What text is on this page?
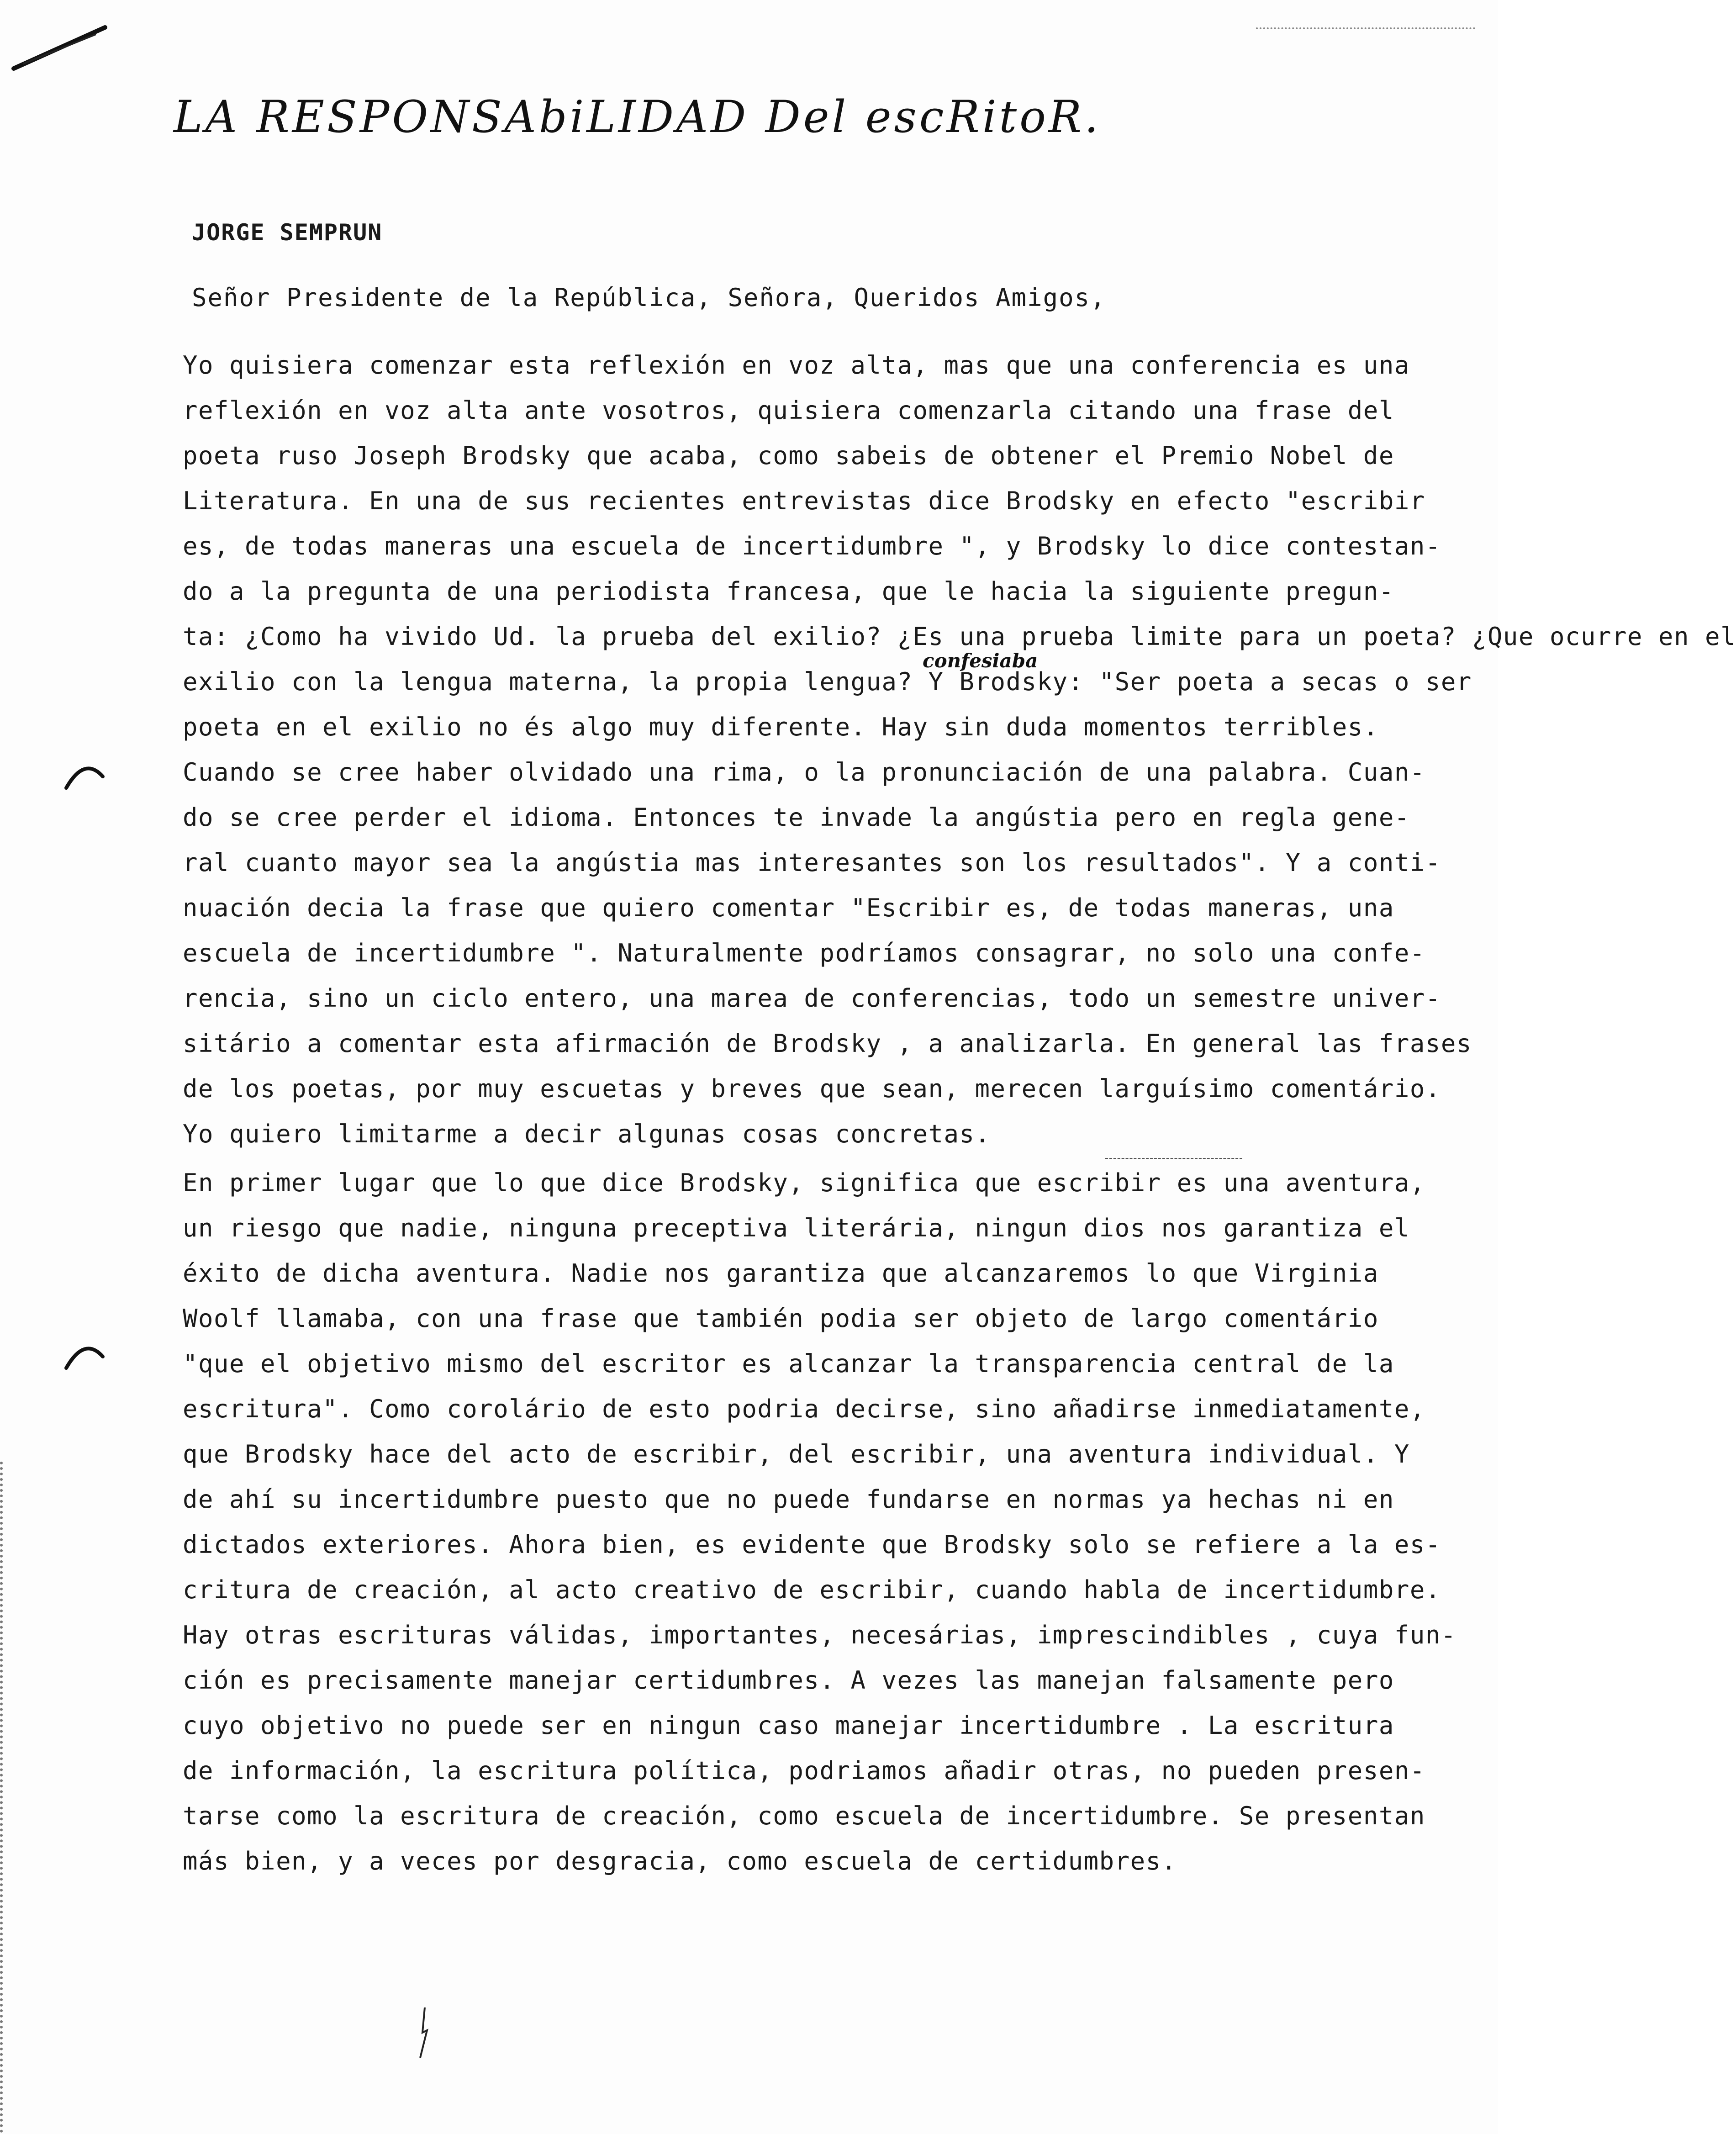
LA RESPONSAbiLIDAD Del escRitoR.
JORGE SEMPRUN
Señor Presidente de la República, Señora, Queridos Amigos,
Yo quisiera comenzar esta reflexión en voz alta, mas que una conferencia es una
reflexión en voz alta ante vosotros, quisiera comenzarla citando una frase del
poeta ruso Joseph Brodsky que acaba, como sabeis de obtener el Premio Nobel de
Literatura. En una de sus recientes entrevistas dice Brodsky en efecto "escribir
es, de todas maneras una escuela de incertidumbre ", y Brodsky lo dice contestan-
do a la pregunta de una periodista francesa, que le hacia la siguiente pregun-
ta: ¿Como ha vivido Ud. la prueba del exilio? ¿Es una prueba limite para un poeta? ¿Que ocurre en el
exilio con la lengua materna, la propia lengua? Y Brodsky: "Ser poeta a secas o ser
poeta en el exilio no és algo muy diferente. Hay sin duda momentos terribles.
Cuando se cree haber olvidado una rima, o la pronunciación de una palabra. Cuan-
do se cree perder el idioma. Entonces te invade la angústia pero en regla gene-
ral cuanto mayor sea la angústia mas interesantes son los resultados". Y a conti-
nuación decia la frase que quiero comentar "Escribir es, de todas maneras, una
escuela de incertidumbre ". Naturalmente podríamos consagrar, no solo una confe-
rencia, sino un ciclo entero, una marea de conferencias, todo un semestre univer-
sitário a comentar esta afirmación de Brodsky , a analizarla. En general las frases
de los poetas, por muy escuetas y breves que sean, merecen larguísimo comentário.
Yo quiero limitarme a decir algunas cosas concretas.
confesiaba
En primer lugar que lo que dice Brodsky, significa que escribir es una aventura,
un riesgo que nadie, ninguna preceptiva literária, ningun dios nos garantiza el
éxito de dicha aventura. Nadie nos garantiza que alcanzaremos lo que Virginia
Woolf llamaba, con una frase que también podia ser objeto de largo comentário
"que el objetivo mismo del escritor es alcanzar la transparencia central de la
escritura". Como corolário de esto podria decirse, sino añadirse inmediatamente,
que Brodsky hace del acto de escribir, del escribir, una aventura individual. Y
de ahí su incertidumbre puesto que no puede fundarse en normas ya hechas ni en
dictados exteriores. Ahora bien, es evidente que Brodsky solo se refiere a la es-
critura de creación, al acto creativo de escribir, cuando habla de incertidumbre.
Hay otras escrituras válidas, importantes, necesárias, imprescindibles , cuya fun-
ción es precisamente manejar certidumbres. A vezes las manejan falsamente pero
cuyo objetivo no puede ser en ningun caso manejar incertidumbre . La escritura
de información, la escritura política, podriamos añadir otras, no pueden presen-
tarse como la escritura de creación, como escuela de incertidumbre. Se presentan
más bien, y a veces por desgracia, como escuela de certidumbres.
